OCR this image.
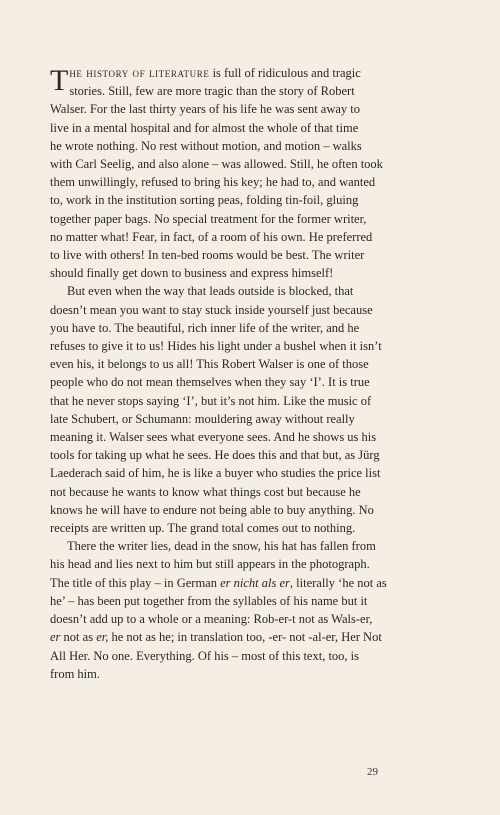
T he history of literature is full of ridiculous and tragic
stories. Still, few are more tragic than the story of Robert
Walser. For the last thirty years of his life he was sent away to
live in a mental hospital and for almost the whole of that time
he wrote nothing. No rest without motion, and motion – walks
with Carl Seelig, and also alone – was allowed. Still, he often took
them unwillingly, refused to bring his key; he had to, and wanted
to, work in the institution sorting peas, folding tin-foil, gluing
together paper bags. No special treatment for the former writer,
no matter what! Fear, in fact, of a room of his own. He preferred
to live with others! In ten-bed rooms would be best. The writer
should finally get down to business and express himself!
But even when the way that leads outside is blocked, that
doesn’t mean you want to stay stuck inside yourself just because
you have to. The beautiful, rich inner life of the writer, and he
refuses to give it to us! Hides his light under a bushel when it isn’t
even his, it belongs to us all! This Robert Walser is one of those
people who do not mean themselves when they say ‘I’. It is true
that he never stops saying ‘I’, but it’s not him. Like the music of
late Schubert, or Schumann: mouldering away without really
meaning it. Walser sees what everyone sees. And he shows us his
tools for taking up what he sees. He does this and that but, as Jürg
Laederach said of him, he is like a buyer who studies the price list
not because he wants to know what things cost but because he
knows he will have to endure not being able to buy anything. No
receipts are written up. The grand total comes out to nothing.
There the writer lies, dead in the snow, his hat has fallen from
his head and lies next to him but still appears in the photograph.
The title of this play – in German er nicht als er, literally ‘he not as
he’ – has been put together from the syllables of his name but it
doesn’t add up to a whole or a meaning: Rob-er-t not as Wals-er,
er not as er, he not as he; in translation too, -er- not -al-er, Her Not
All Her. No one. Everything. Of his – most of this text, too, is
from him.
29
